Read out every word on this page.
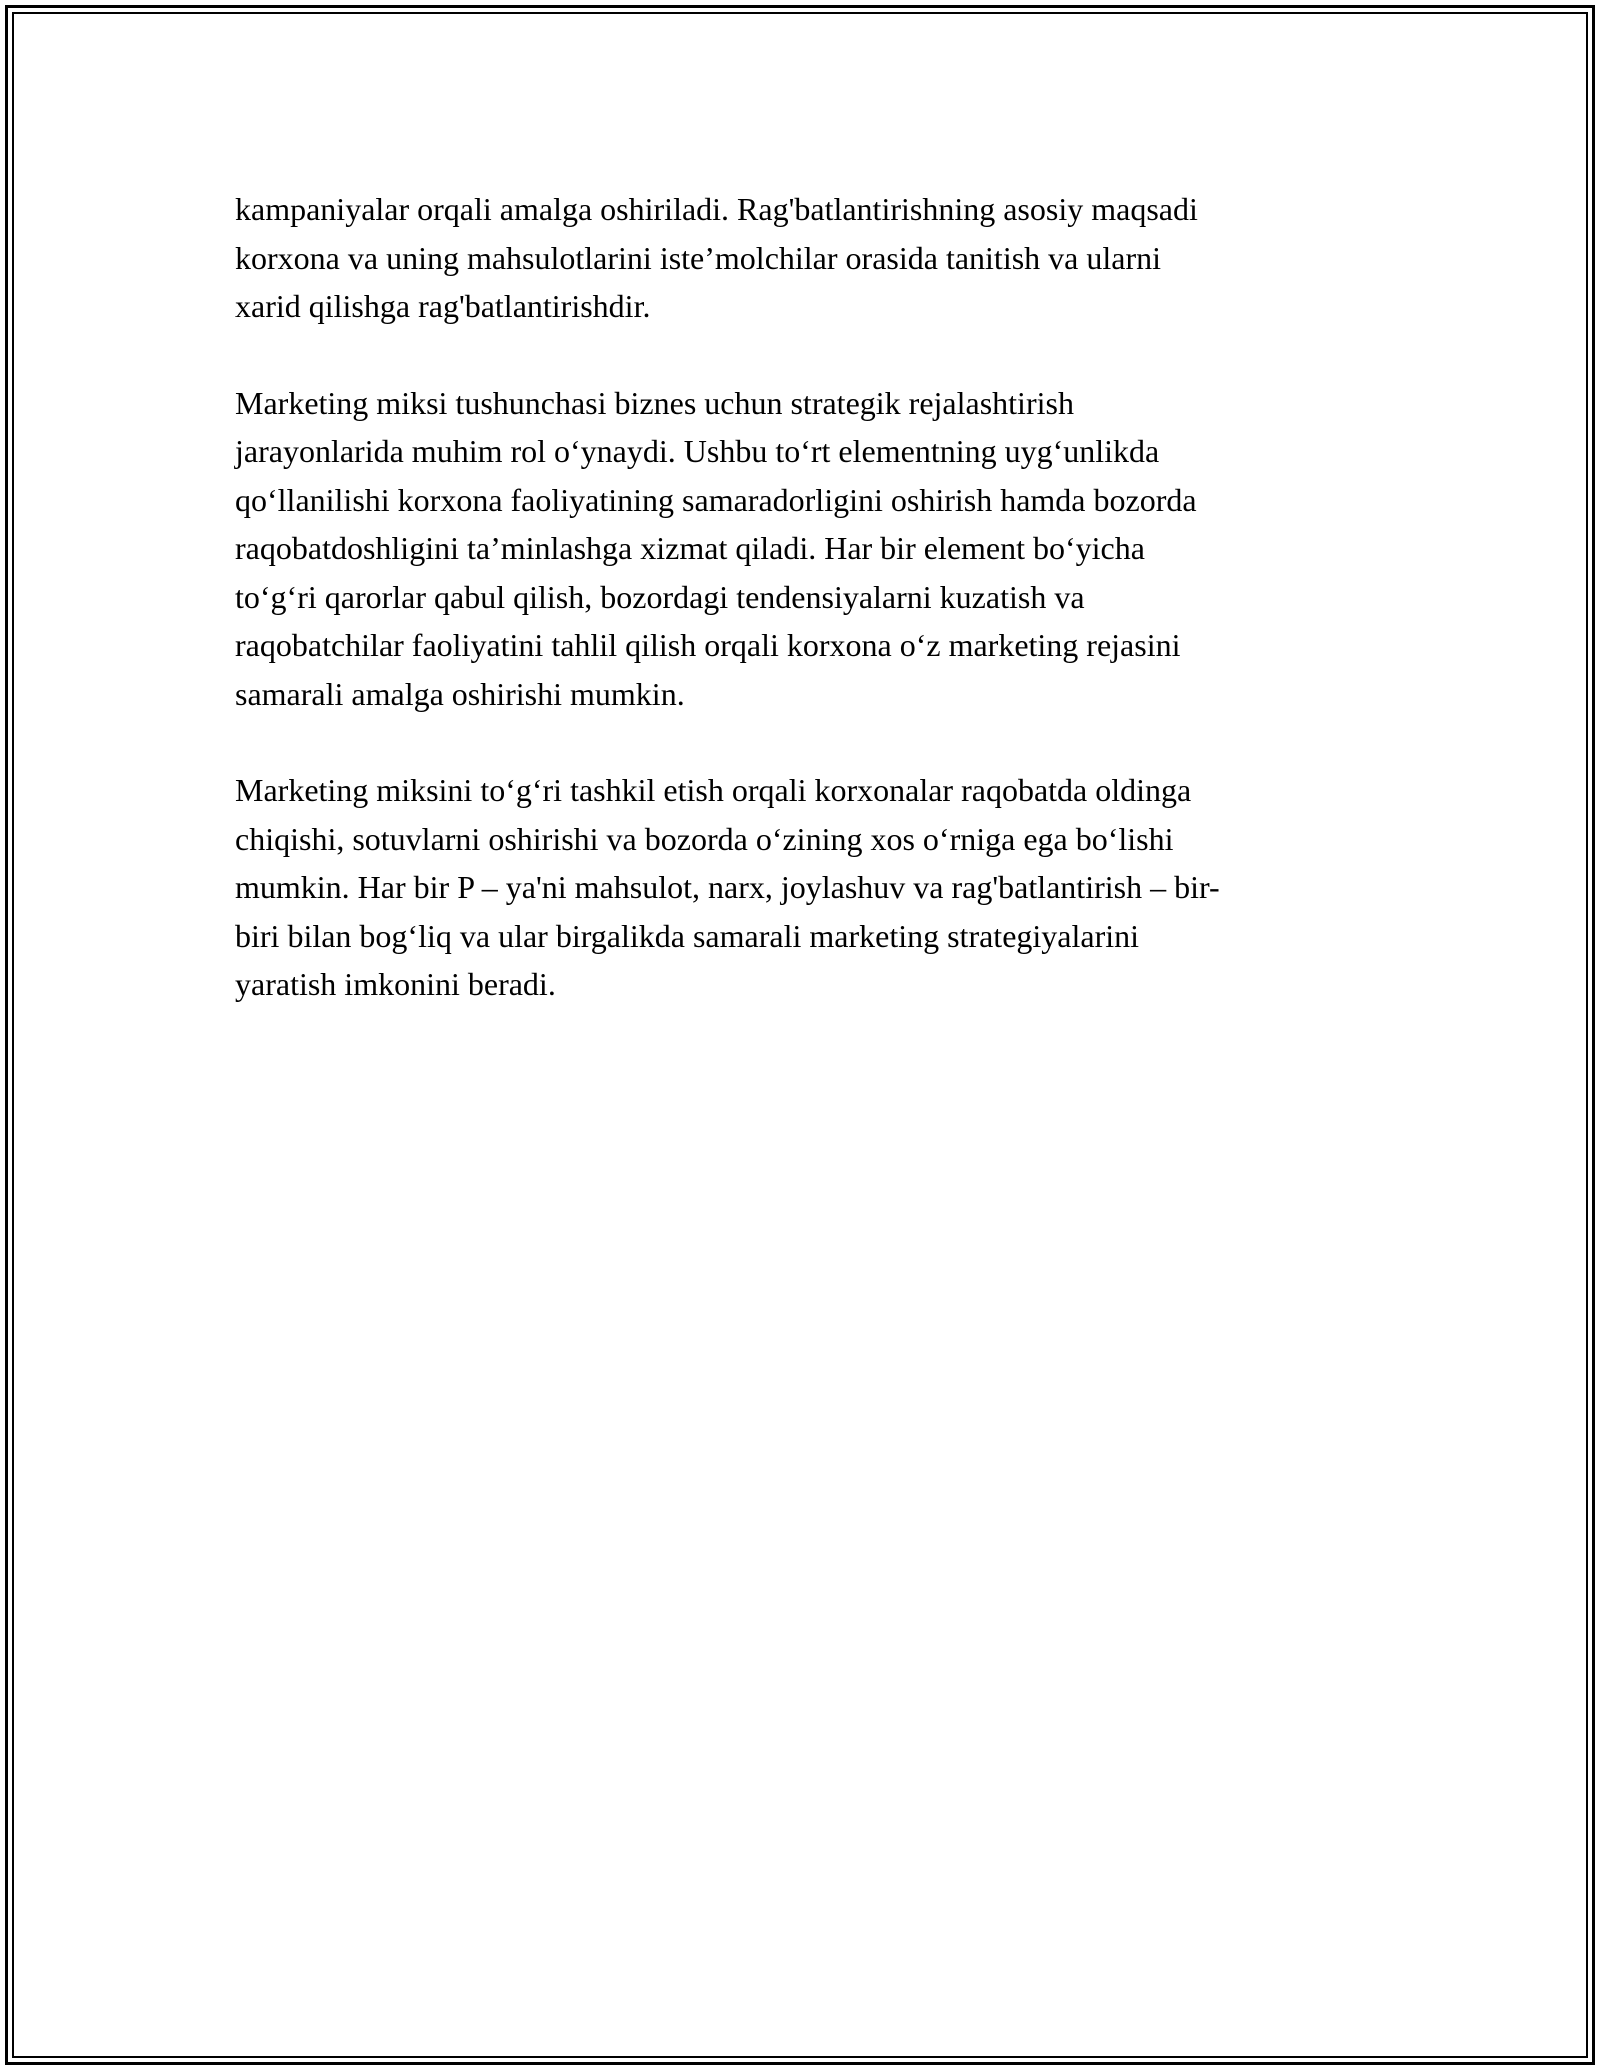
kampaniyalar orqali amalga oshiriladi. Rag'batlantirishning asosiy maqsadi
korxona va uning mahsulotlarini iste’molchilar orasida tanitish va ularni
xarid qilishga rag'batlantirishdir.

Marketing miksi tushunchasi biznes uchun strategik rejalashtirish
jarayonlarida muhim rol oʻynaydi. Ushbu toʻrt elementning uygʻunlikda
qoʻllanilishi korxona faoliyatining samaradorligini oshirish hamda bozorda
raqobatdoshligini ta’minlashga xizmat qiladi. Har bir element boʻyicha
toʻgʻri qarorlar qabul qilish, bozordagi tendensiyalarni kuzatish va
raqobatchilar faoliyatini tahlil qilish orqali korxona oʻz marketing rejasini
samarali amalga oshirishi mumkin.

Marketing miksini toʻgʻri tashkil etish orqali korxonalar raqobatda oldinga
chiqishi, sotuvlarni oshirishi va bozorda oʻzining xos oʻrniga ega boʻlishi
mumkin. Har bir P – ya'ni mahsulot, narx, joylashuv va rag'batlantirish – bir-
biri bilan bogʻliq va ular birgalikda samarali marketing strategiyalarini
yaratish imkonini beradi.
